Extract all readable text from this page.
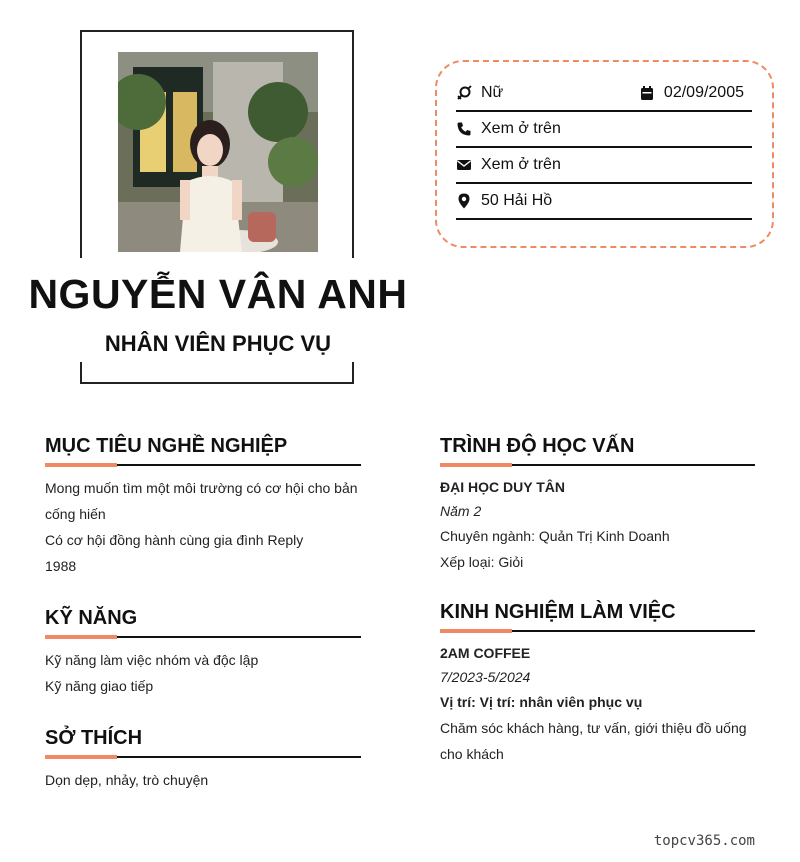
NGUYỄN VÂN ANH
NHÂN VIÊN PHỤC VỤ
Nữ	02/09/2005
Xem ở trên
Xem ở trên
50 Hải Hồ
MỤC TIÊU NGHỀ NGHIỆP
Mong muốn tìm một môi trường có cơ hội cho bản
cống hiến
Có cơ hội đồng hành cùng gia đình Reply
1988
KỸ NĂNG
Kỹ năng làm việc nhóm và độc lập
Kỹ năng giao tiếp
SỞ THÍCH
Dọn dẹp, nhảy, trò chuyện
TRÌNH ĐỘ HỌC VẤN
ĐẠI HỌC DUY TÂN
Năm 2
Chuyên ngành: Quản Trị Kinh Doanh
Xếp loại: Giỏi
KINH NGHIỆM LÀM VIỆC
2AM COFFEE
7/2023-5/2024
Vị trí: Vị trí: nhân viên phục vụ
Chăm sóc khách hàng, tư vấn, giới thiệu đồ uống
cho khách
topcv365.com
